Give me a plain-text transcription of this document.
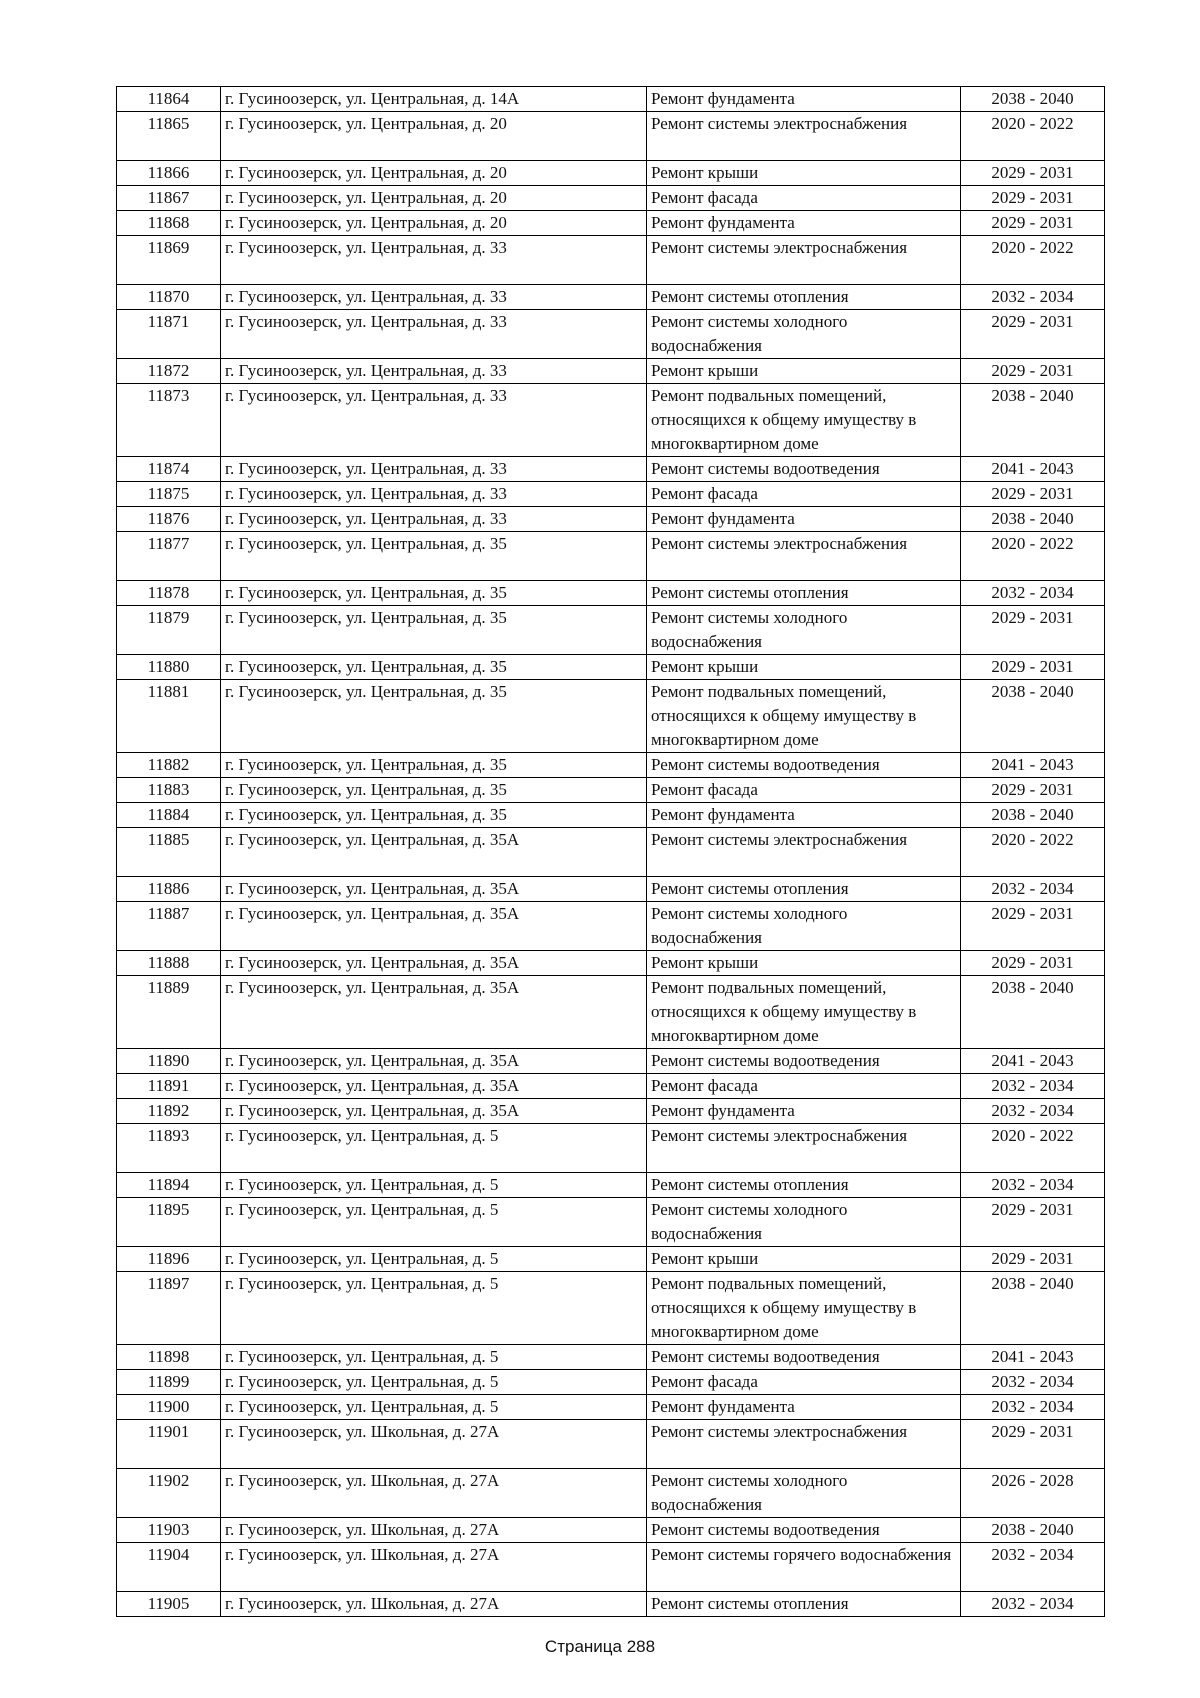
11864	г. Гусиноозерск, ул. Центральная, д. 14А	Ремонт фундамента	2038 - 2040
11865	г. Гусиноозерск, ул. Центральная, д. 20	Ремонт системы электроснабжения	2020 - 2022
11866	г. Гусиноозерск, ул. Центральная, д. 20	Ремонт крыши	2029 - 2031
11867	г. Гусиноозерск, ул. Центральная, д. 20	Ремонт фасада	2029 - 2031
11868	г. Гусиноозерск, ул. Центральная, д. 20	Ремонт фундамента	2029 - 2031
11869	г. Гусиноозерск, ул. Центральная, д. 33	Ремонт системы электроснабжения	2020 - 2022
11870	г. Гусиноозерск, ул. Центральная, д. 33	Ремонт системы отопления	2032 - 2034
11871	г. Гусиноозерск, ул. Центральная, д. 33	Ремонт системы холодного водоснабжения	2029 - 2031
11872	г. Гусиноозерск, ул. Центральная, д. 33	Ремонт крыши	2029 - 2031
11873	г. Гусиноозерск, ул. Центральная, д. 33	Ремонт подвальных помещений, относящихся к общему имуществу в многоквартирном доме	2038 - 2040
11874	г. Гусиноозерск, ул. Центральная, д. 33	Ремонт системы водоотведения	2041 - 2043
11875	г. Гусиноозерск, ул. Центральная, д. 33	Ремонт фасада	2029 - 2031
11876	г. Гусиноозерск, ул. Центральная, д. 33	Ремонт фундамента	2038 - 2040
11877	г. Гусиноозерск, ул. Центральная, д. 35	Ремонт системы электроснабжения	2020 - 2022
11878	г. Гусиноозерск, ул. Центральная, д. 35	Ремонт системы отопления	2032 - 2034
11879	г. Гусиноозерск, ул. Центральная, д. 35	Ремонт системы холодного водоснабжения	2029 - 2031
11880	г. Гусиноозерск, ул. Центральная, д. 35	Ремонт крыши	2029 - 2031
11881	г. Гусиноозерск, ул. Центральная, д. 35	Ремонт подвальных помещений, относящихся к общему имуществу в многоквартирном доме	2038 - 2040
11882	г. Гусиноозерск, ул. Центральная, д. 35	Ремонт системы водоотведения	2041 - 2043
11883	г. Гусиноозерск, ул. Центральная, д. 35	Ремонт фасада	2029 - 2031
11884	г. Гусиноозерск, ул. Центральная, д. 35	Ремонт фундамента	2038 - 2040
11885	г. Гусиноозерск, ул. Центральная, д. 35А	Ремонт системы электроснабжения	2020 - 2022
11886	г. Гусиноозерск, ул. Центральная, д. 35А	Ремонт системы отопления	2032 - 2034
11887	г. Гусиноозерск, ул. Центральная, д. 35А	Ремонт системы холодного водоснабжения	2029 - 2031
11888	г. Гусиноозерск, ул. Центральная, д. 35А	Ремонт крыши	2029 - 2031
11889	г. Гусиноозерск, ул. Центральная, д. 35А	Ремонт подвальных помещений, относящихся к общему имуществу в многоквартирном доме	2038 - 2040
11890	г. Гусиноозерск, ул. Центральная, д. 35А	Ремонт системы водоотведения	2041 - 2043
11891	г. Гусиноозерск, ул. Центральная, д. 35А	Ремонт фасада	2032 - 2034
11892	г. Гусиноозерск, ул. Центральная, д. 35А	Ремонт фундамента	2032 - 2034
11893	г. Гусиноозерск, ул. Центральная, д. 5	Ремонт системы электроснабжения	2020 - 2022
11894	г. Гусиноозерск, ул. Центральная, д. 5	Ремонт системы отопления	2032 - 2034
11895	г. Гусиноозерск, ул. Центральная, д. 5	Ремонт системы холодного водоснабжения	2029 - 2031
11896	г. Гусиноозерск, ул. Центральная, д. 5	Ремонт крыши	2029 - 2031
11897	г. Гусиноозерск, ул. Центральная, д. 5	Ремонт подвальных помещений, относящихся к общему имуществу в многоквартирном доме	2038 - 2040
11898	г. Гусиноозерск, ул. Центральная, д. 5	Ремонт системы водоотведения	2041 - 2043
11899	г. Гусиноозерск, ул. Центральная, д. 5	Ремонт фасада	2032 - 2034
11900	г. Гусиноозерск, ул. Центральная, д. 5	Ремонт фундамента	2032 - 2034
11901	г. Гусиноозерск, ул. Школьная, д. 27А	Ремонт системы электроснабжения	2029 - 2031
11902	г. Гусиноозерск, ул. Школьная, д. 27А	Ремонт системы холодного водоснабжения	2026 - 2028
11903	г. Гусиноозерск, ул. Школьная, д. 27А	Ремонт системы водоотведения	2038 - 2040
11904	г. Гусиноозерск, ул. Школьная, д. 27А	Ремонт системы горячего водоснабжения	2032 - 2034
11905	г. Гусиноозерск, ул. Школьная, д. 27А	Ремонт системы отопления	2032 - 2034
Страница 288
